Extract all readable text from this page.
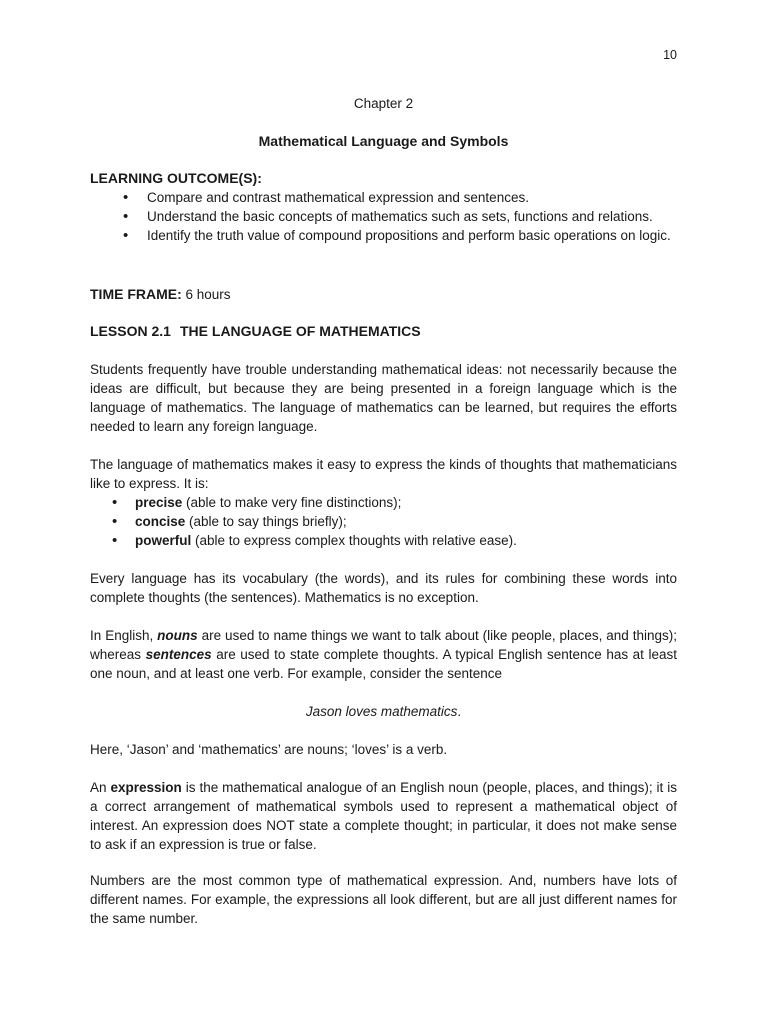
10
Chapter 2
Mathematical Language and Symbols
LEARNING OUTCOME(S):
• Compare and contrast mathematical expression and sentences.
• Understand the basic concepts of mathematics such as sets, functions and relations.
• Identify the truth value of compound propositions and perform basic operations on logic.
TIME FRAME: 6 hours
LESSON 2.1 THE LANGUAGE OF MATHEMATICS

Students frequently have trouble understanding mathematical ideas: not necessarily because the ideas are difficult, but because they are being presented in a foreign language which is the language of mathematics. The language of mathematics can be learned, but requires the efforts needed to learn any foreign language.

The language of mathematics makes it easy to express the kinds of thoughts that mathematicians like to express. It is:

• precise (able to make very fine distinctions);
• concise (able to say things briefly);
• powerful (able to express complex thoughts with relative ease).

Every language has its vocabulary (the words), and its rules for combining these words into complete thoughts (the sentences). Mathematics is no exception.

In English, nouns are used to name things we want to talk about (like people, places, and things); whereas sentences are used to state complete thoughts. A typical English sentence has at least one noun, and at least one verb. For example, consider the sentence

Jason loves mathematics.

Here, ‘Jason’ and ‘mathematics’ are nouns; ‘loves’ is a verb.

An expression is the mathematical analogue of an English noun (people, places, and things); it is a correct arrangement of mathematical symbols used to represent a mathematical object of interest. An expression does NOT state a complete thought; in particular, it does not make sense to ask if an expression is true or false.

Numbers are the most common type of mathematical expression. And, numbers have lots of different names. For example, the expressions all look different, but are all just different names for the same number.
